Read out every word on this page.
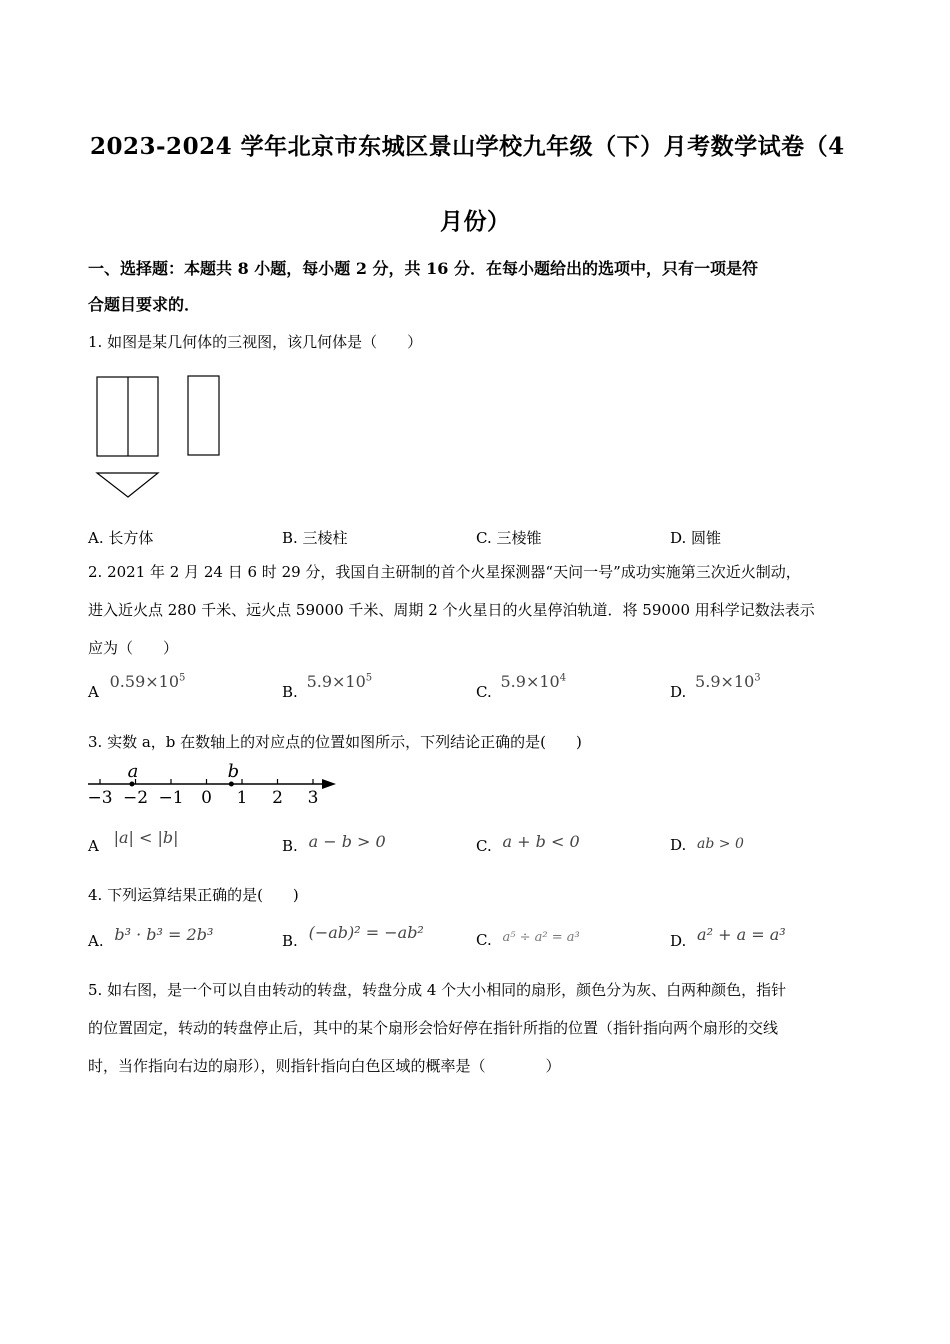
2023-2024 学年北京市东城区景山学校九年级（下）月考数学试卷（4
月份）
一、选择题：本题共 8 小题，每小题 2 分，共 16 分．在每小题给出的选项中，只有一项是符
合题目要求的．
1. 如图是某几何体的三视图，该几何体是（　　）
A. 长方体	B. 三棱柱	C. 三棱锥	D. 圆锥
2. 2021 年 2 月 24 日 6 时 29 分，我国自主研制的首个火星探测器“天问一号”成功实施第三次近火制动，
进入近火点 280 千米、远火点 59000 千米、周期 2 个火星日的火星停泊轨道．将 59000 用科学记数法表示
应为（　　）
A $0.59\times 10^5$
B. $5.9\times 10^5$
C. $5.9\times 10^4$
D. $5.9\times 10^3$
3. 实数 a，b 在数轴上的对应点的位置如图所示，下列结论正确的是(　　)
−3 −2 −1 0 1 2 3
a	b
A |a| < |b|	B. a − b > 0	C. a + b < 0	D. ab > 0
4. 下列运算结果正确的是(　　)
A. b³ · b³ = 2b³	B. (−ab)² = −ab²	C. a⁵ ÷ a² = a³	D. a² + a = a³
5. 如右图，是一个可以自由转动的转盘，转盘分成 4 个大小相同的扇形，颜色分为灰、白两种颜色，指针
的位置固定，转动的转盘停止后，其中的某个扇形会恰好停在指针所指的位置（指针指向两个扇形的交线
时，当作指向右边的扇形），则指针指向白色区域的概率是（　　　　）
